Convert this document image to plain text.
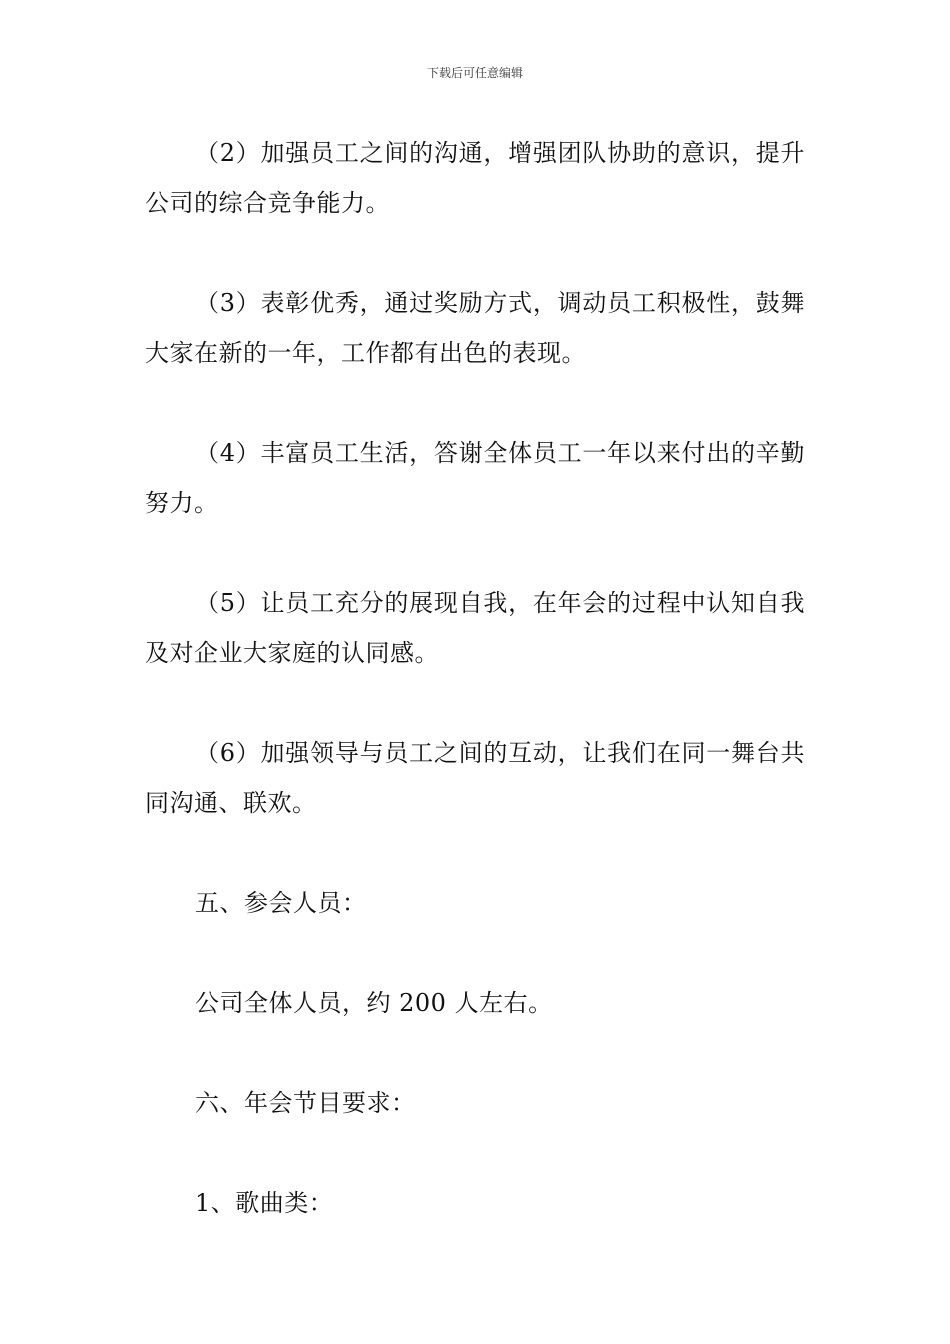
下载后可任意编辑

（2）加强员工之间的沟通，增强团队协助的意识，提升公司的综合竞争能力。

（3）表彰优秀，通过奖励方式，调动员工积极性，鼓舞大家在新的一年，工作都有出色的表现。

（4）丰富员工生活，答谢全体员工一年以来付出的辛勤努力。

（5）让员工充分的展现自我，在年会的过程中认知自我及对企业大家庭的认同感。

（6）加强领导与员工之间的互动，让我们在同一舞台共同沟通、联欢。

五、参会人员：

公司全体人员，约 200 人左右。

六、年会节目要求：

1、歌曲类：
